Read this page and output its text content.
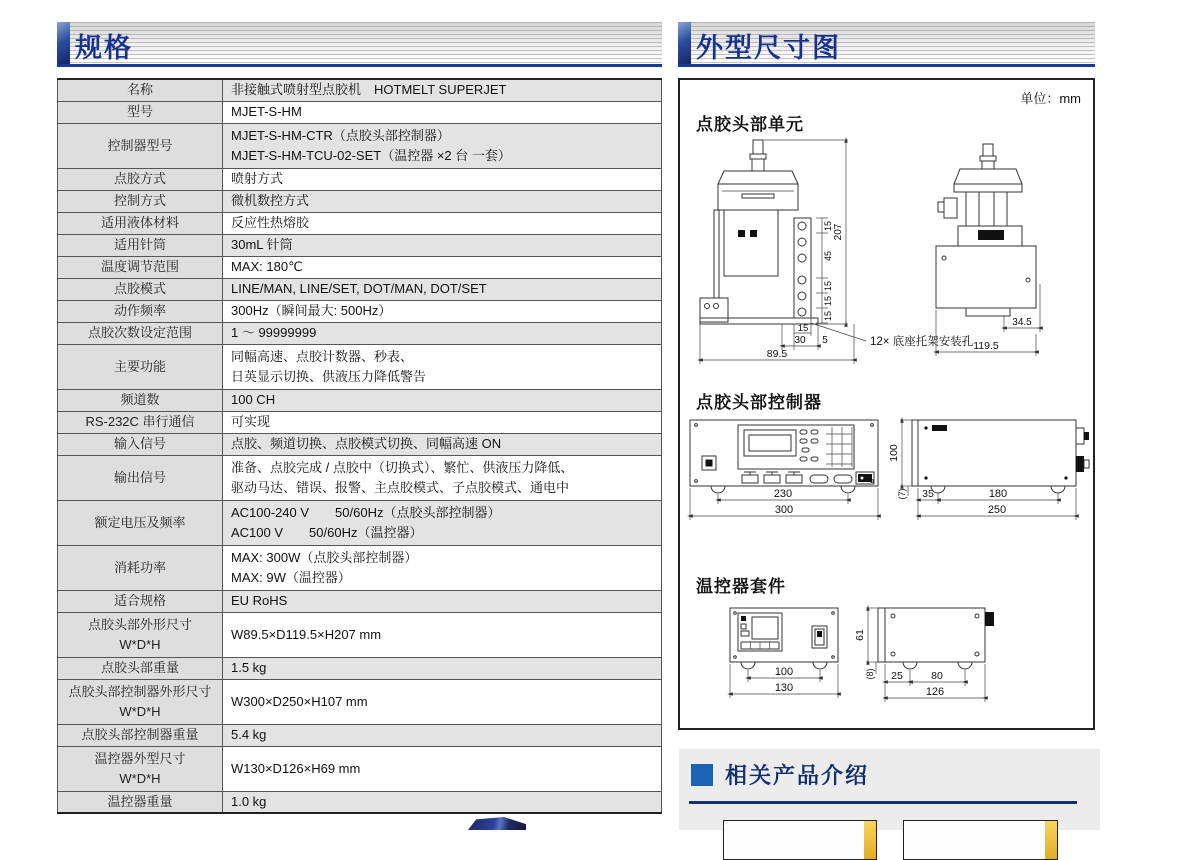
规格
名称	非接触式喷射型点胶机　HOTMELT SUPERJET

型号	MJET-S-HM

控制器型号	MJET-S-HM-CTR（点胶头部控制器）
MJET-S-HM-TCU-02-SET（温控器 ×2 台 一套）

点胶方式	喷射方式

控制方式	微机数控方式

适用液体材料	反应性热熔胶

适用针筒	30mL 针筒

温度调节范围	MAX: 180℃

点胶模式	LINE/MAN, LINE/SET, DOT/MAN, DOT/SET

动作频率	300Hz（瞬间最大: 500Hz）

点胶次数设定范围	1 ～ 99999999

主要功能	同幅高速、点胶计数器、秒表、
日英显示切换、供液压力降低警告

频道数	100 CH

RS-232C 串行通信	可实现

输入信号	点胶、频道切换、点胶模式切换、同幅高速 ON

输出信号	准备、点胶完成 / 点胶中（切换式）、繁忙、供液压力降低、
驱动马达、错误、报警、主点胶模式、子点胶模式、通电中

额定电压及频率	AC100-240 V　　50/60Hz（点胶头部控制器）
AC100 V　　50/60Hz（温控器）

消耗功率	MAX: 300W（点胶头部控制器）
MAX: 9W（温控器）

适合规格	EU RoHS

点胶头部外形尺寸
W*D*H	W89.5×D119.5×H207 mm

点胶头部重量	1.5 kg

点胶头部控制器外形尺寸
W*D*H	W300×D250×H107 mm

点胶头部控制器重量	5.4 kg

温控器外型尺寸
W*D*H	W130×D126×H69 mm

温控器重量	1.0 kg
外型尺寸图
单位：mm
点胶头部单元
15
45
15
15
15
207
15
30 5
89.5
12× 底座托架安装孔
34.5
119.5
点胶头部控制器
230
300
100
(7) 35	180
250
温控器套件
100
130
61
(8) 25	80
126
相关产品介绍
